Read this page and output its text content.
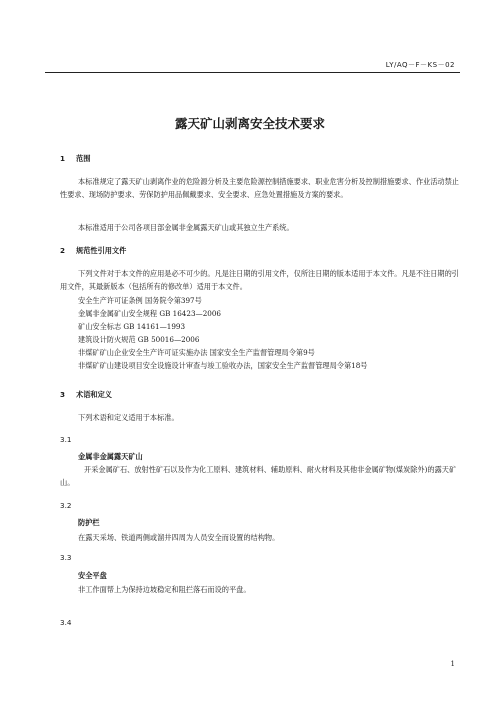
LY/AQ－F－KS－02
露天矿山剥离安全技术要求
1 范围
本标准规定了露天矿山剥离作业的危险源分析及主要危险源控制措施要求、职业危害分析及控制措施要求、作业活动禁止性要求、现场防护要求、劳保防护用品佩戴要求、安全要求、应急处置措施及方案的要求。
本标准适用于公司各项目部金属非金属露天矿山或其独立生产系统。
2 规范性引用文件
下列文件对于本文件的应用是必不可少的。凡是注日期的引用文件，仅所注日期的版本适用于本文件。凡是不注日期的引用文件，其最新版本（包括所有的修改单）适用于本文件。
安全生产许可证条例 国务院令第397号
金属非金属矿山安全规程 GB 16423—2006
矿山安全标志 GB 14161—1993
建筑设计防火规范 GB 50016—2006
非煤矿矿山企业安全生产许可证实施办法 国家安全生产监督管理局令第9号
非煤矿矿山建设项目安全设施设计审查与竣工验收办法，国家安全生产监督管理局令第18号
3 术语和定义
下列术语和定义适用于本标准。
3.1
金属非金属露天矿山
开采金属矿石、放射性矿石以及作为化工原料、建筑材料、辅助原料、耐火材料及其他非金属矿物(煤炭除外)的露天矿山。
3.2
防护栏
在露天采场、铁道两侧或溜井四周为人员安全而设置的结构物。
3.3
安全平盘
非工作面帮上为保持边坡稳定和阻拦落石而设的平盘。
3.4
1
